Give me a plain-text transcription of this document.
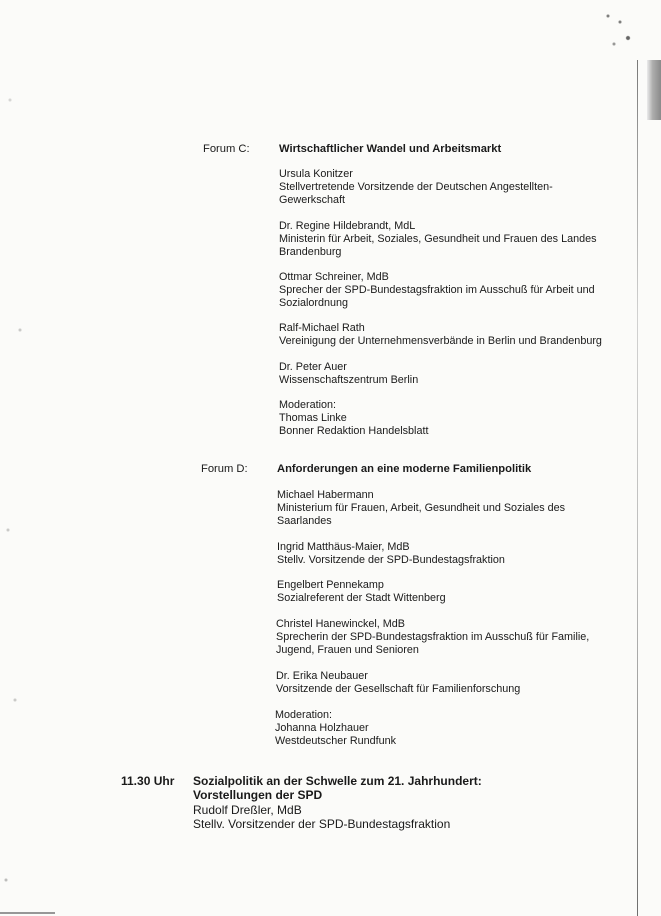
Forum C:	Wirtschaftlicher Wandel und Arbeitsmarkt
Ursula Konitzer
Stellvertretende Vorsitzende der Deutschen Angestellten-
Gewerkschaft
Dr. Regine Hildebrandt, MdL
Ministerin für Arbeit, Soziales, Gesundheit und Frauen des Landes
Brandenburg
Ottmar Schreiner, MdB
Sprecher der SPD-Bundestagsfraktion im Ausschuß für Arbeit und
Sozialordnung
Ralf-Michael Rath
Vereinigung der Unternehmensverbände in Berlin und Brandenburg
Dr. Peter Auer
Wissenschaftszentrum Berlin
Moderation:
Thomas Linke
Bonner Redaktion Handelsblatt
Forum D:	Anforderungen an eine moderne Familienpolitik
Michael Habermann
Ministerium für Frauen, Arbeit, Gesundheit und Soziales des
Saarlandes
Ingrid Matthäus-Maier, MdB
Stellv. Vorsitzende der SPD-Bundestagsfraktion
Engelbert Pennekamp
Sozialreferent der Stadt Wittenberg
Christel Hanewinckel, MdB
Sprecherin der SPD-Bundestagsfraktion im Ausschuß für Familie,
Jugend, Frauen und Senioren
Dr. Erika Neubauer
Vorsitzende der Gesellschaft für Familienforschung
Moderation:
Johanna Holzhauer
Westdeutscher Rundfunk
11.30 Uhr Sozialpolitik an der Schwelle zum 21. Jahrhundert:
Vorstellungen der SPD
Rudolf Dreßler, MdB
Stellv. Vorsitzender der SPD-Bundestagsfraktion
